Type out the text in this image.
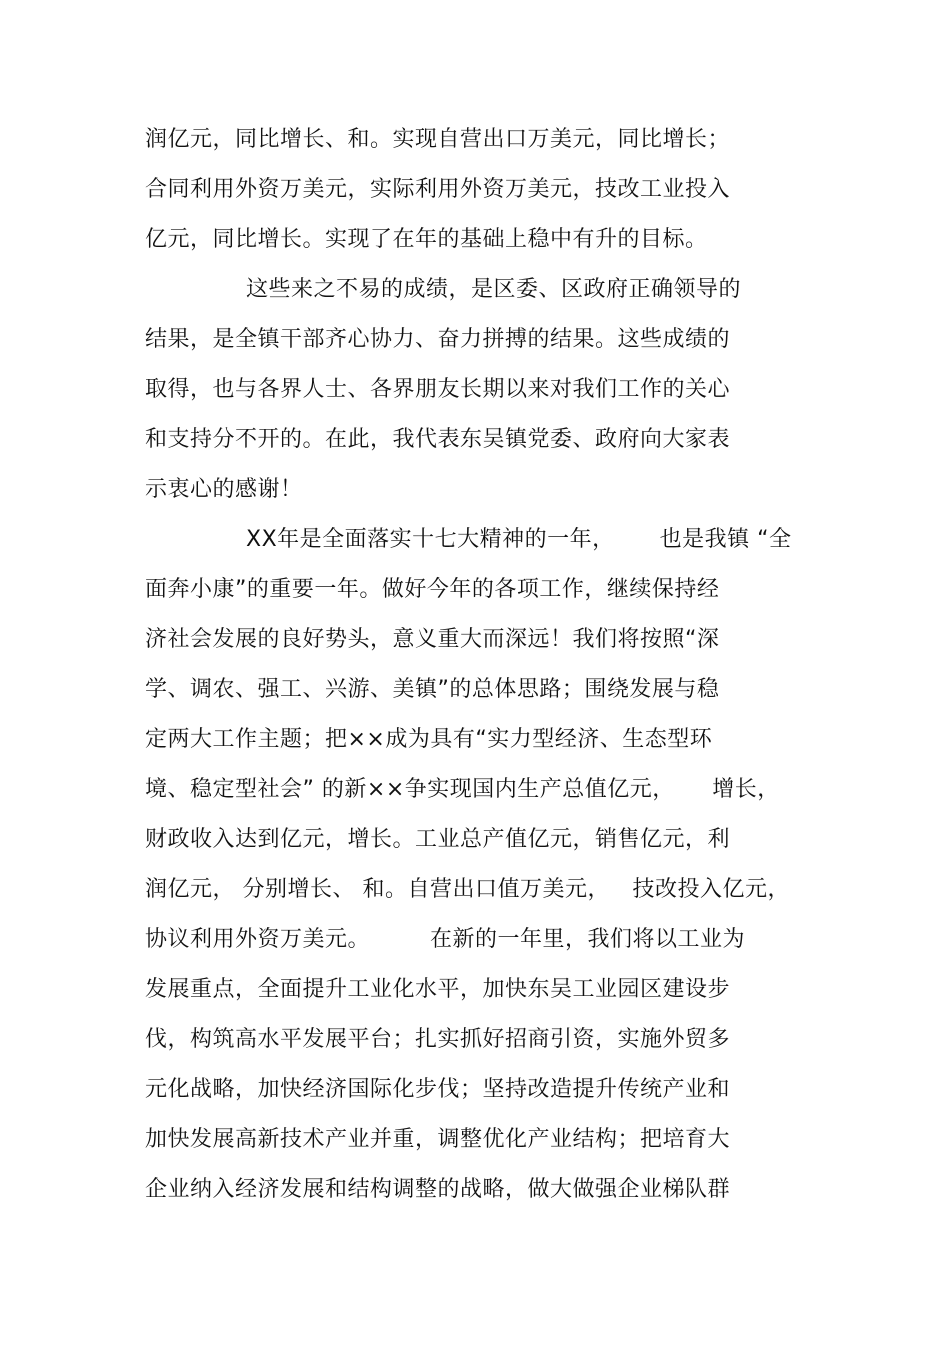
润亿元，同比增长、和。实现自营出口万美元，同比增长；
合同利用外资万美元，实际利用外资万美元，技改工业投入
亿元，同比增长。实现了在年的基础上稳中有升的目标。
这些来之不易的成绩，是区委、区政府正确领导的
结果，是全镇干部齐心协力、奋力拼搏的结果。这些成绩的
取得，也与各界人士、各界朋友长期以来对我们工作的关心
和支持分不开的。在此，我代表东吴镇党委、政府向大家表
示衷心的感谢！
XX年是全面落实十七大精神的一年，      也是我镇 “全
面奔小康”的重要一年。做好今年的各项工作，继续保持经
济社会发展的良好势头，意义重大而深远！我们将按照“深
学、调农、强工、兴游、美镇”的总体思路；围绕发展与稳
定两大工作主题；把××成为具有“实力型经济、生态型环
境、稳定型社会” 的新××争实现国内生产总值亿元，     增长，
财政收入达到亿元，增长。工业总产值亿元，销售亿元，利
润亿元， 分别增长、 和。自营出口值万美元，   技改投入亿元，
协议利用外资万美元。        在新的一年里，我们将以工业为
发展重点，全面提升工业化水平，加快东吴工业园区建设步
伐，构筑高水平发展平台；扎实抓好招商引资，实施外贸多
元化战略，加快经济国际化步伐；坚持改造提升传统产业和
加快发展高新技术产业并重，调整优化产业结构；把培育大
企业纳入经济发展和结构调整的战略，做大做强企业梯队群
